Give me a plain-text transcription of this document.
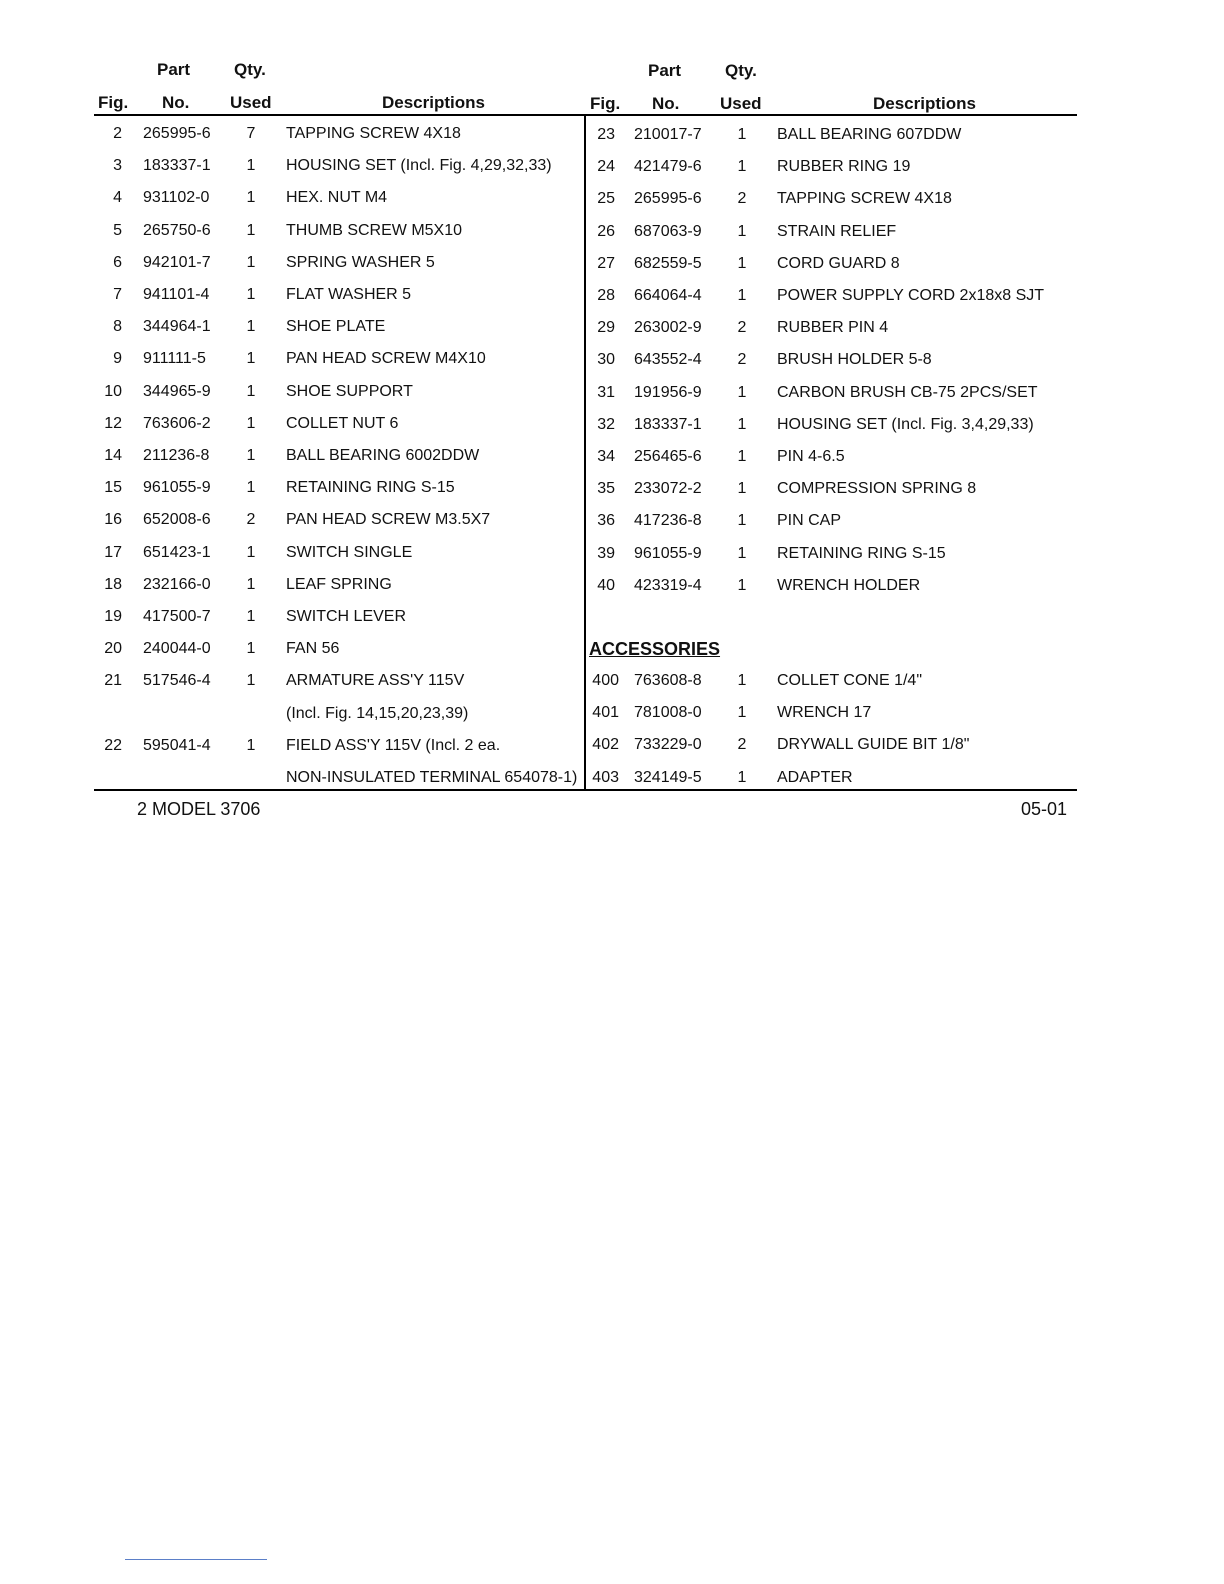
Part	Qty.
Fig. No. Used	Descriptions
Part	Qty.
Fig. No. Used	Descriptions
2 265995-6	7	TAPPING SCREW 4X18
3 183337-1	1	HOUSING SET (Incl. Fig. 4,29,32,33)
4 931102-0	1	HEX. NUT M4
5 265750-6	1	THUMB SCREW M5X10
6 942101-7	1	SPRING WASHER 5
7 941101-4	1	FLAT WASHER 5
8 344964-1	1	SHOE PLATE
9 911111-5	1	PAN HEAD SCREW M4X10
10 344965-9	1	SHOE SUPPORT
12 763606-2	1	COLLET NUT 6
14 211236-8	1	BALL BEARING 6002DDW
15 961055-9	1	RETAINING RING S-15
16 652008-6	2	PAN HEAD SCREW M3.5X7
17 651423-1	1	SWITCH SINGLE
18 232166-0	1	LEAF SPRING
19 417500-7	1	SWITCH LEVER
20 240044-0	1	FAN 56
21 517546-4	1	ARMATURE ASS'Y 115V
(Incl. Fig. 14,15,20,23,39)
22 595041-4	1	FIELD ASS'Y 115V (Incl. 2 ea.
NON-INSULATED TERMINAL 654078-1)
23 210017-7	1	BALL BEARING 607DDW
24 421479-6	1	RUBBER RING 19
25 265995-6	2	TAPPING SCREW 4X18
26 687063-9	1	STRAIN RELIEF
27 682559-5	1	CORD GUARD 8
28 664064-4	1	POWER SUPPLY CORD 2x18x8 SJT
29 263002-9	2	RUBBER PIN 4
30 643552-4	2	BRUSH HOLDER 5-8
31 191956-9	1	CARBON BRUSH CB-75 2PCS/SET
32 183337-1	1	HOUSING SET (Incl. Fig. 3,4,29,33)
34 256465-6	1	PIN 4-6.5
35 233072-2	1	COMPRESSION SPRING 8
36 417236-8	1	PIN CAP
39 961055-9	1	RETAINING RING S-15
40 423319-4	1	WRENCH HOLDER
ACCESSORIES
400 763608-8	1	COLLET CONE 1/4"
401 781008-0	1	WRENCH 17
402 733229-0	2	DRYWALL GUIDE BIT 1/8"
403 324149-5	1	ADAPTER
2 MODEL 3706	05-01
